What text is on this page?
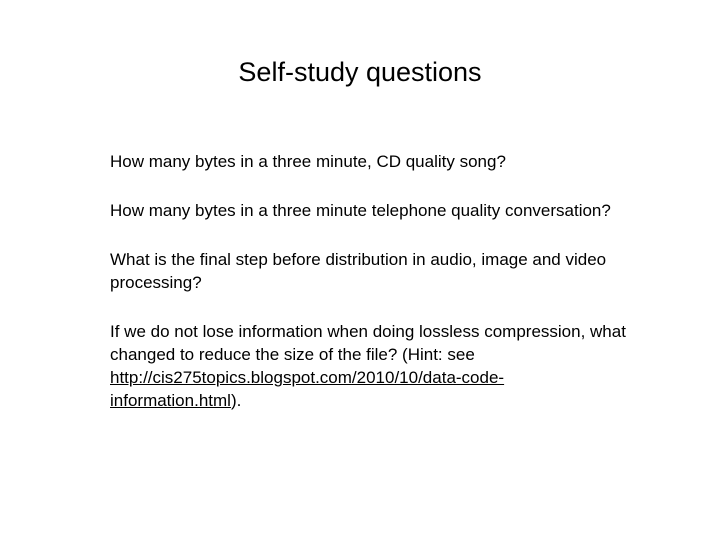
Self-study questions
How many bytes in a three minute, CD quality song?
How many bytes in a three minute telephone quality conversation?
What is the final step before distribution in audio, image and video processing?
If we do not lose information when doing lossless compression, what changed to reduce the size of the file? (Hint: see http://cis275topics.blogspot.com/2010/10/data-code-information.html).
